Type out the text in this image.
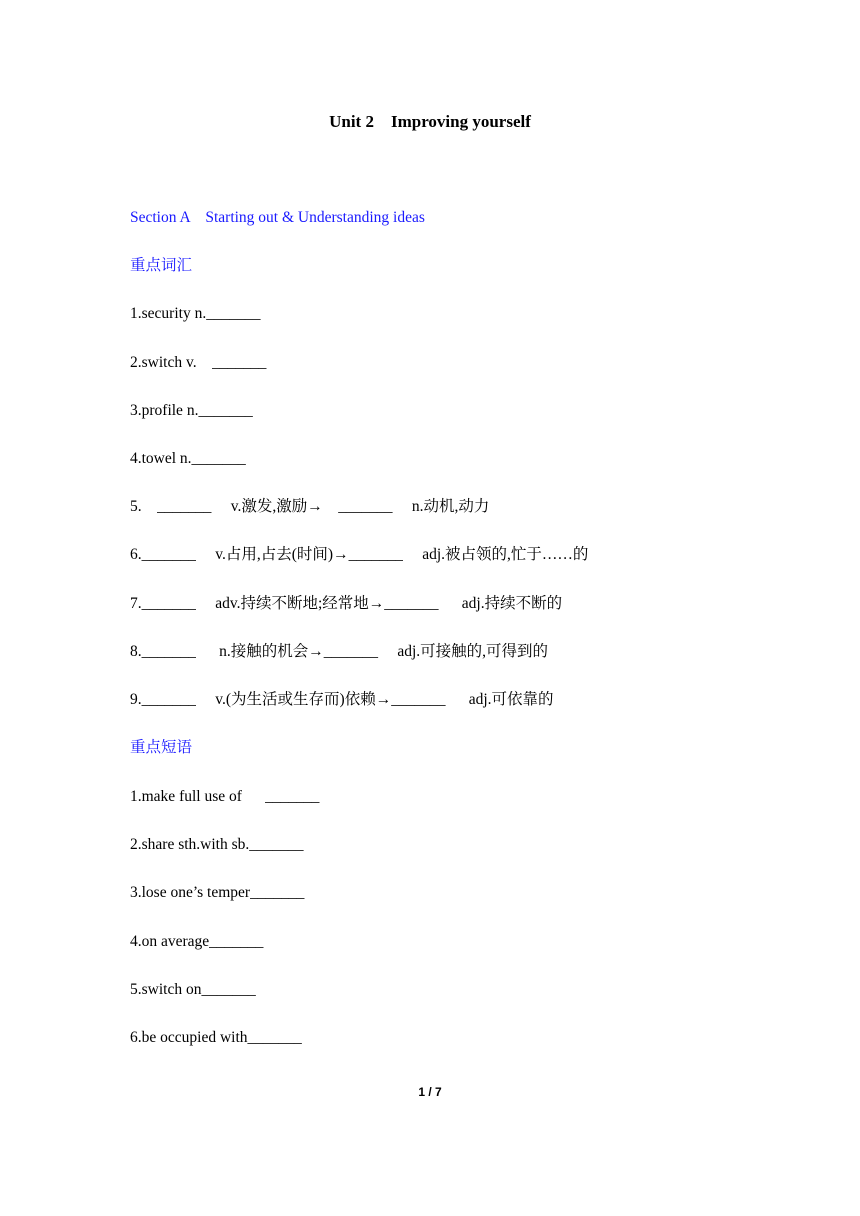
Unit 2    Improving yourself
Section A    Starting out & Understanding ideas
重点词汇
1.security n._______
2.switch v.    _______
3.profile n._______
4.towel n._______
5.    _______     v.激发,激励→    _______     n.动机,动力
6._______     v.占用,占去(时间)→_______     adj.被占领的,忙于……的
7._______     adv.持续不断地;经常地→_______      adj.持续不断的
8._______      n.接触的机会→_______     adj.可接触的,可得到的
9._______     v.(为生活或生存而)依赖→_______      adj.可依靠的
重点短语
1.make full use of      _______
2.share sth.with sb._______
3.lose one’s temper_______
4.on average_______
5.switch on_______
6.be occupied with_______
1 / 7
